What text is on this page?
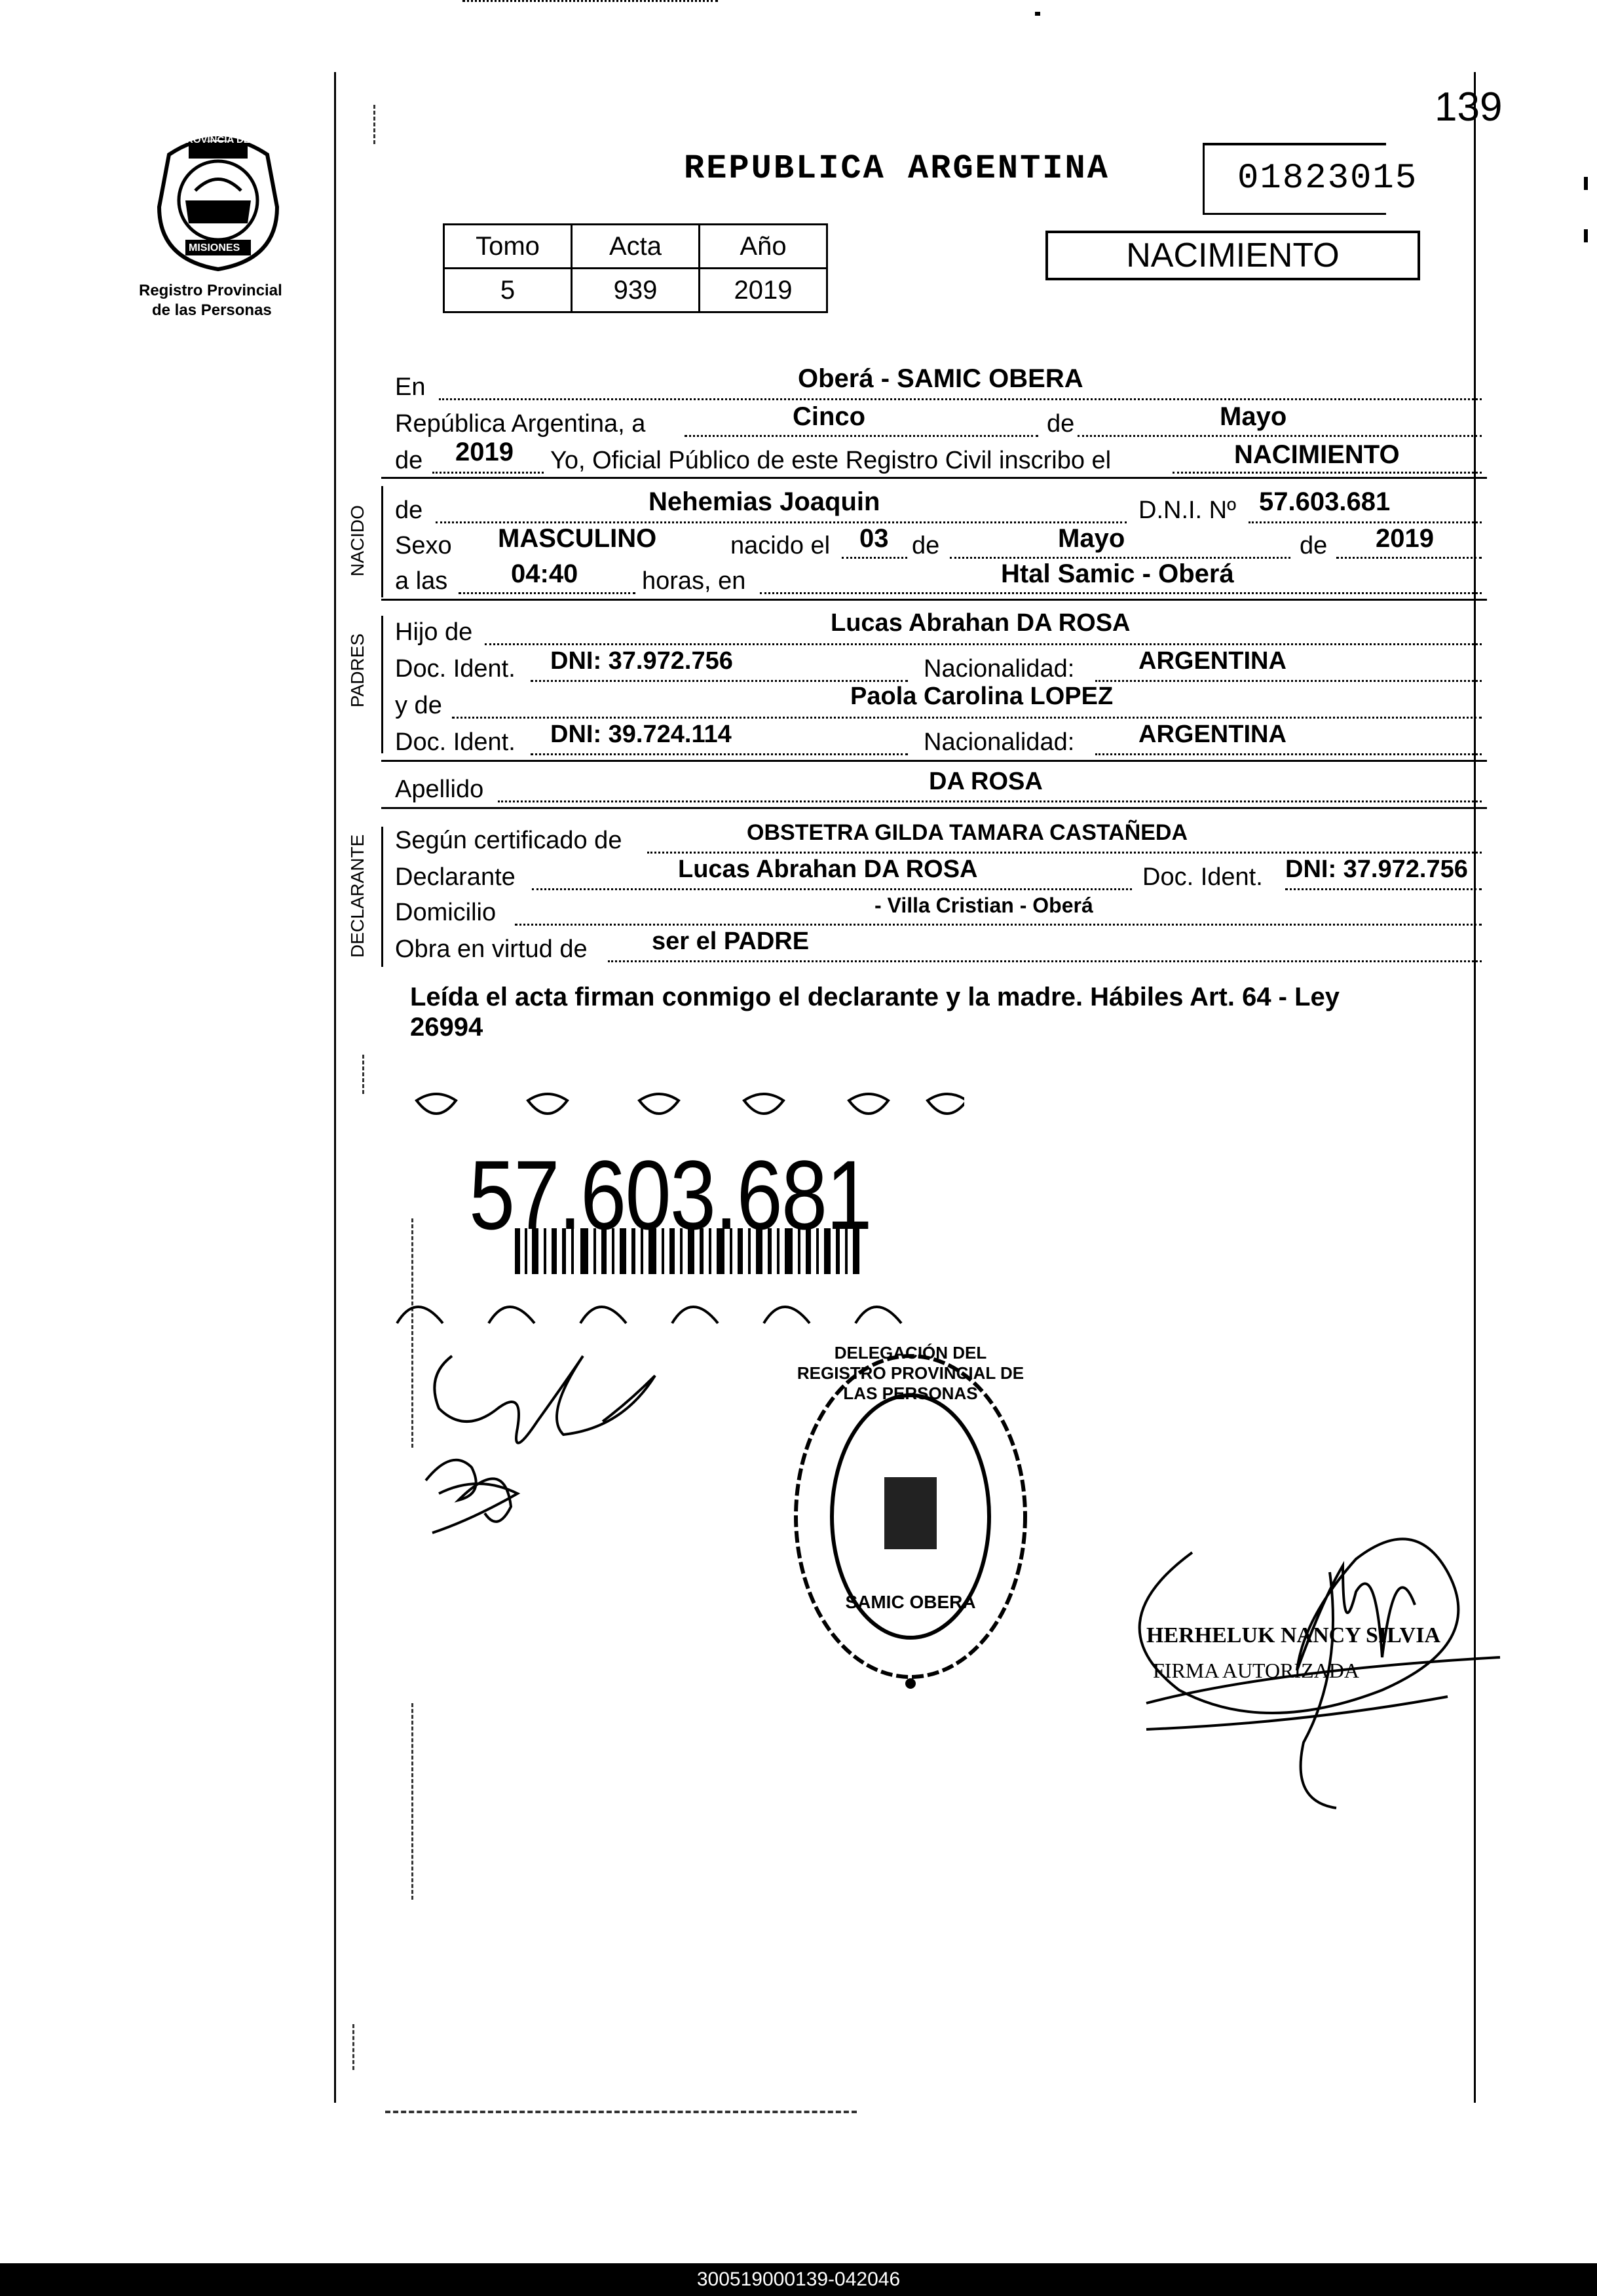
PROVINCIA DE
MISIONES
Registro Provincial
de las Personas
139
REPUBLICA ARGENTINA	01823015
Tomo	Acta	Año
5	939	2019
NACIMIENTO
En	Oberá - SAMIC OBERA
República Argentina, a	Cinco	de	Mayo
de 2019 Yo, Oficial Público de este Registro Civil inscribo el	NACIMIENTO
NACIDO de	Nehemias Joaquin	D.N.I. Nº 57.603.681
Sexo MASCULINO	nacido el 03 de	Mayo	de 2019
a las 04:40	horas, en	Htal Samic - Oberá
PADRES
Hijo de	Lucas Abrahan DA ROSA
Doc. Ident. DNI: 37.972.756	Nacionalidad:	ARGENTINA
y de	Paola Carolina LOPEZ
Doc. Ident. DNI: 39.724.114	Nacionalidad:	ARGENTINA
Apellido	DA ROSA
DECLARANTE Según certificado de	OBSTETRA GILDA TAMARA CASTAÑEDA
Declarante	Lucas Abrahan DA ROSA	Doc. Ident. DNI: 37.972.756
Domicilio	- Villa Cristian - Oberá
Obra en virtud de	ser el PADRE
Leída el acta firman conmigo el declarante y la madre. Hábiles Art. 64 - Ley
26994
57.603.681
DELEGACIÓN DEL REGISTRO PROVINCIAL DE LAS PERSONAS
SAMIC OBERA
HERHELUK NANCY SILVIA
FIRMA AUTORIZADA
300519000139-042046
